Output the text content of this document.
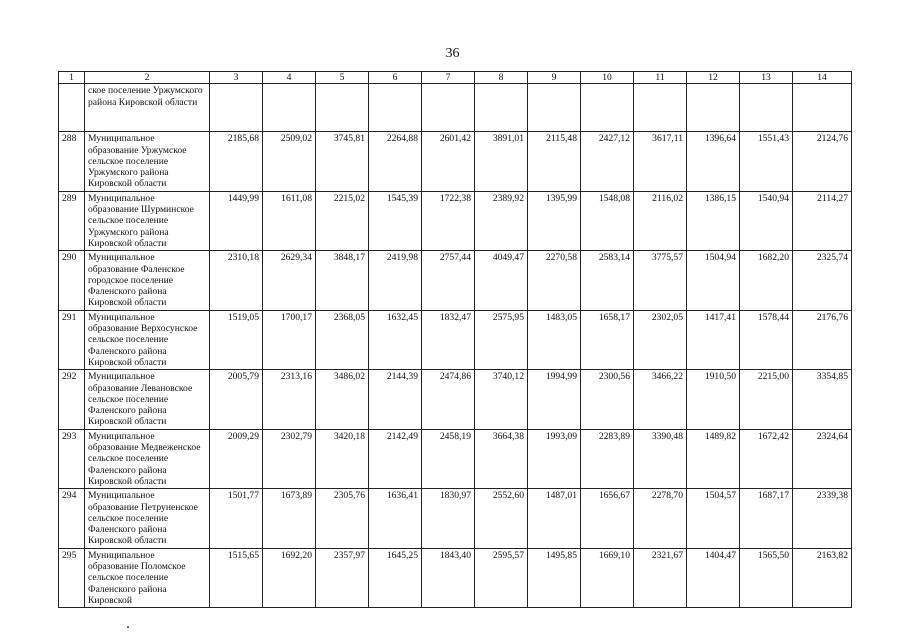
36
1	2	3	4	5	6	7	8	9	10	11	12	13	14
	ское поселение Уржумского района Кировской области												
288	Муниципальное образование Уржумское сельское поселение Уржумского района Кировской области	2185,68	2509,02	3745,81	2264,88	2601,42	3891,01	2115,48	2427,12	3617,11	1396,64	1551,43	2124,76
289	Муниципальное образование Шурминское сельское поселение Уржумского района Кировской области	1449,99	1611,08	2215,02	1545,39	1722,38	2389,92	1395,99	1548,08	2116,02	1386,15	1540,94	2114,27
290	Муниципальное образование Фаленское городское поселение Фаленского района Кировской области	2310,18	2629,34	3848,17	2419,98	2757,44	4049,47	2270,58	2583,14	3775,57	1504,94	1682,20	2325,74
291	Муниципальное образование Верхосунское сельское поселение Фаленского района Кировской области	1519,05	1700,17	2368,05	1632,45	1832,47	2575,95	1483,05	1658,17	2302,05	1417,41	1578,44	2176,76
292	Муниципальное образование Левановское сельское поселение Фаленского района Кировской области	2005,79	2313,16	3486,02	2144,39	2474,86	3740,12	1994,99	2300,56	3466,22	1910,50	2215,00	3354,85
293	Муниципальное образование Медвеженское сельское поселение Фаленского района Кировской области	2009,29	2302,79	3420,18	2142,49	2458,19	3664,38	1993,09	2283,89	3390,48	1489,82	1672,42	2324,64
294	Муниципальное образование Петруненское сельское поселение Фаленского района Кировской области	1501,77	1673,89	2305,76	1636,41	1830,97	2552,60	1487,01	1656,67	2278,70	1504,57	1687,17	2339,38
295	Муниципальное образование Поломское сельское поселение Фаленского района Кировской	1515,65	1692,20	2357,97	1645,25	1843,40	2595,57	1495,85	1669,10	2321,67	1404,47	1565,50	2163,82
